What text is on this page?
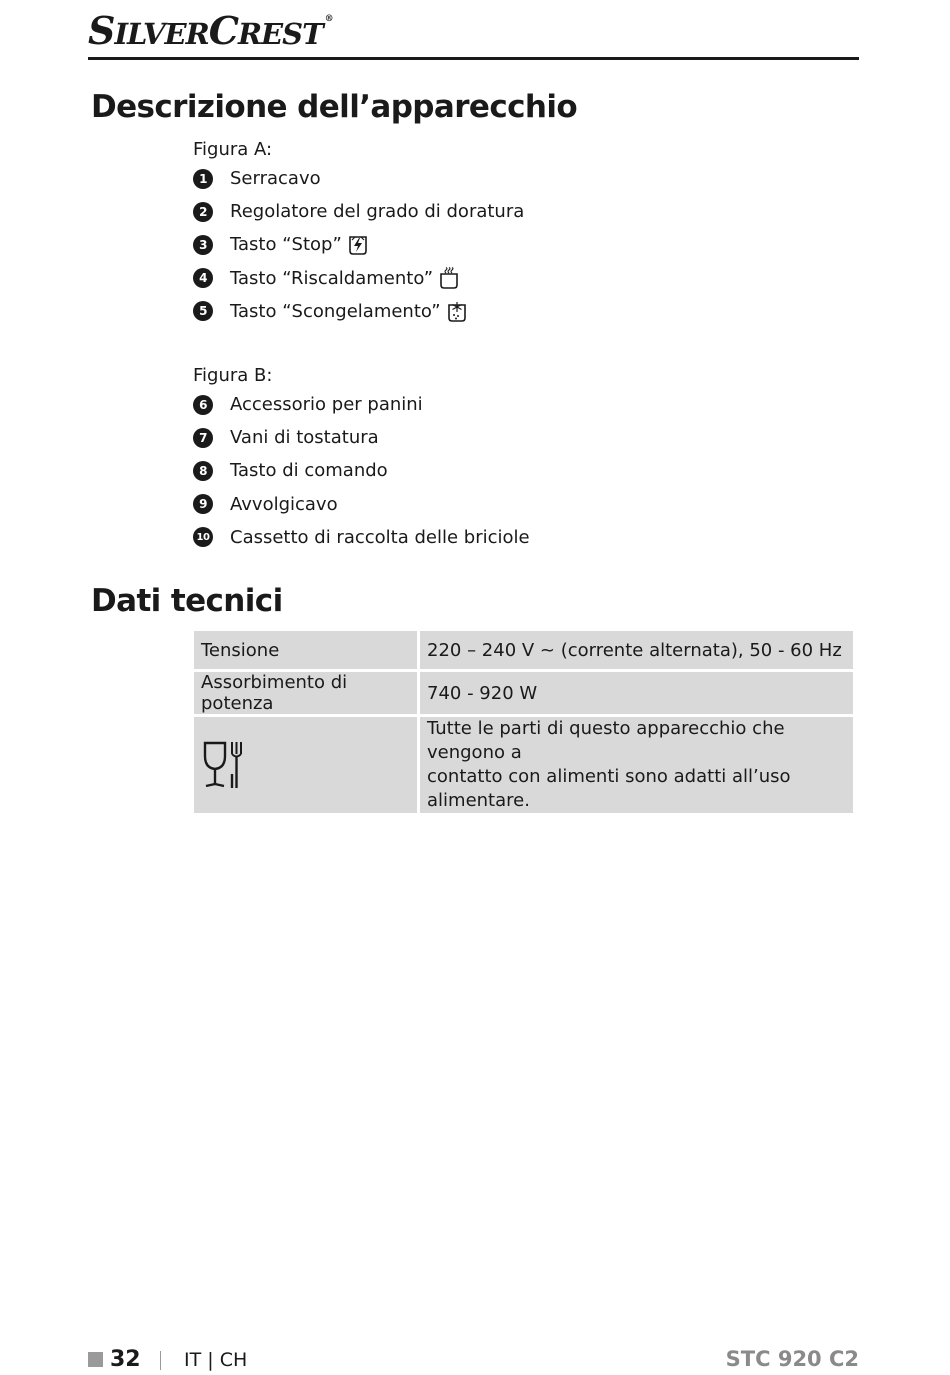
SILVERCREST ®
Descrizione dell’apparecchio

Figura A:

1	Serracavo
2	Regolatore del grado di doratura
3	Tasto “Stop”
4	Tasto “Riscaldamento”
5	Tasto “Scongelamento”

Figura B:

6	Accessorio per panini
7	Vani di tostatura
8	Tasto di comando
9	Avvolgicavo
10 Cassetto di raccolta delle briciole
Dati tecnici
Tensione	220 – 240 V ~ (corrente alternata), 50 - 60 Hz
Assorbimento di potenza	740 - 920 W

	Tutte le parti di questo apparecchio che vengono a
contatto con alimenti sono adatti all’uso alimentare.
32 IT | CH	STC 920 C2
